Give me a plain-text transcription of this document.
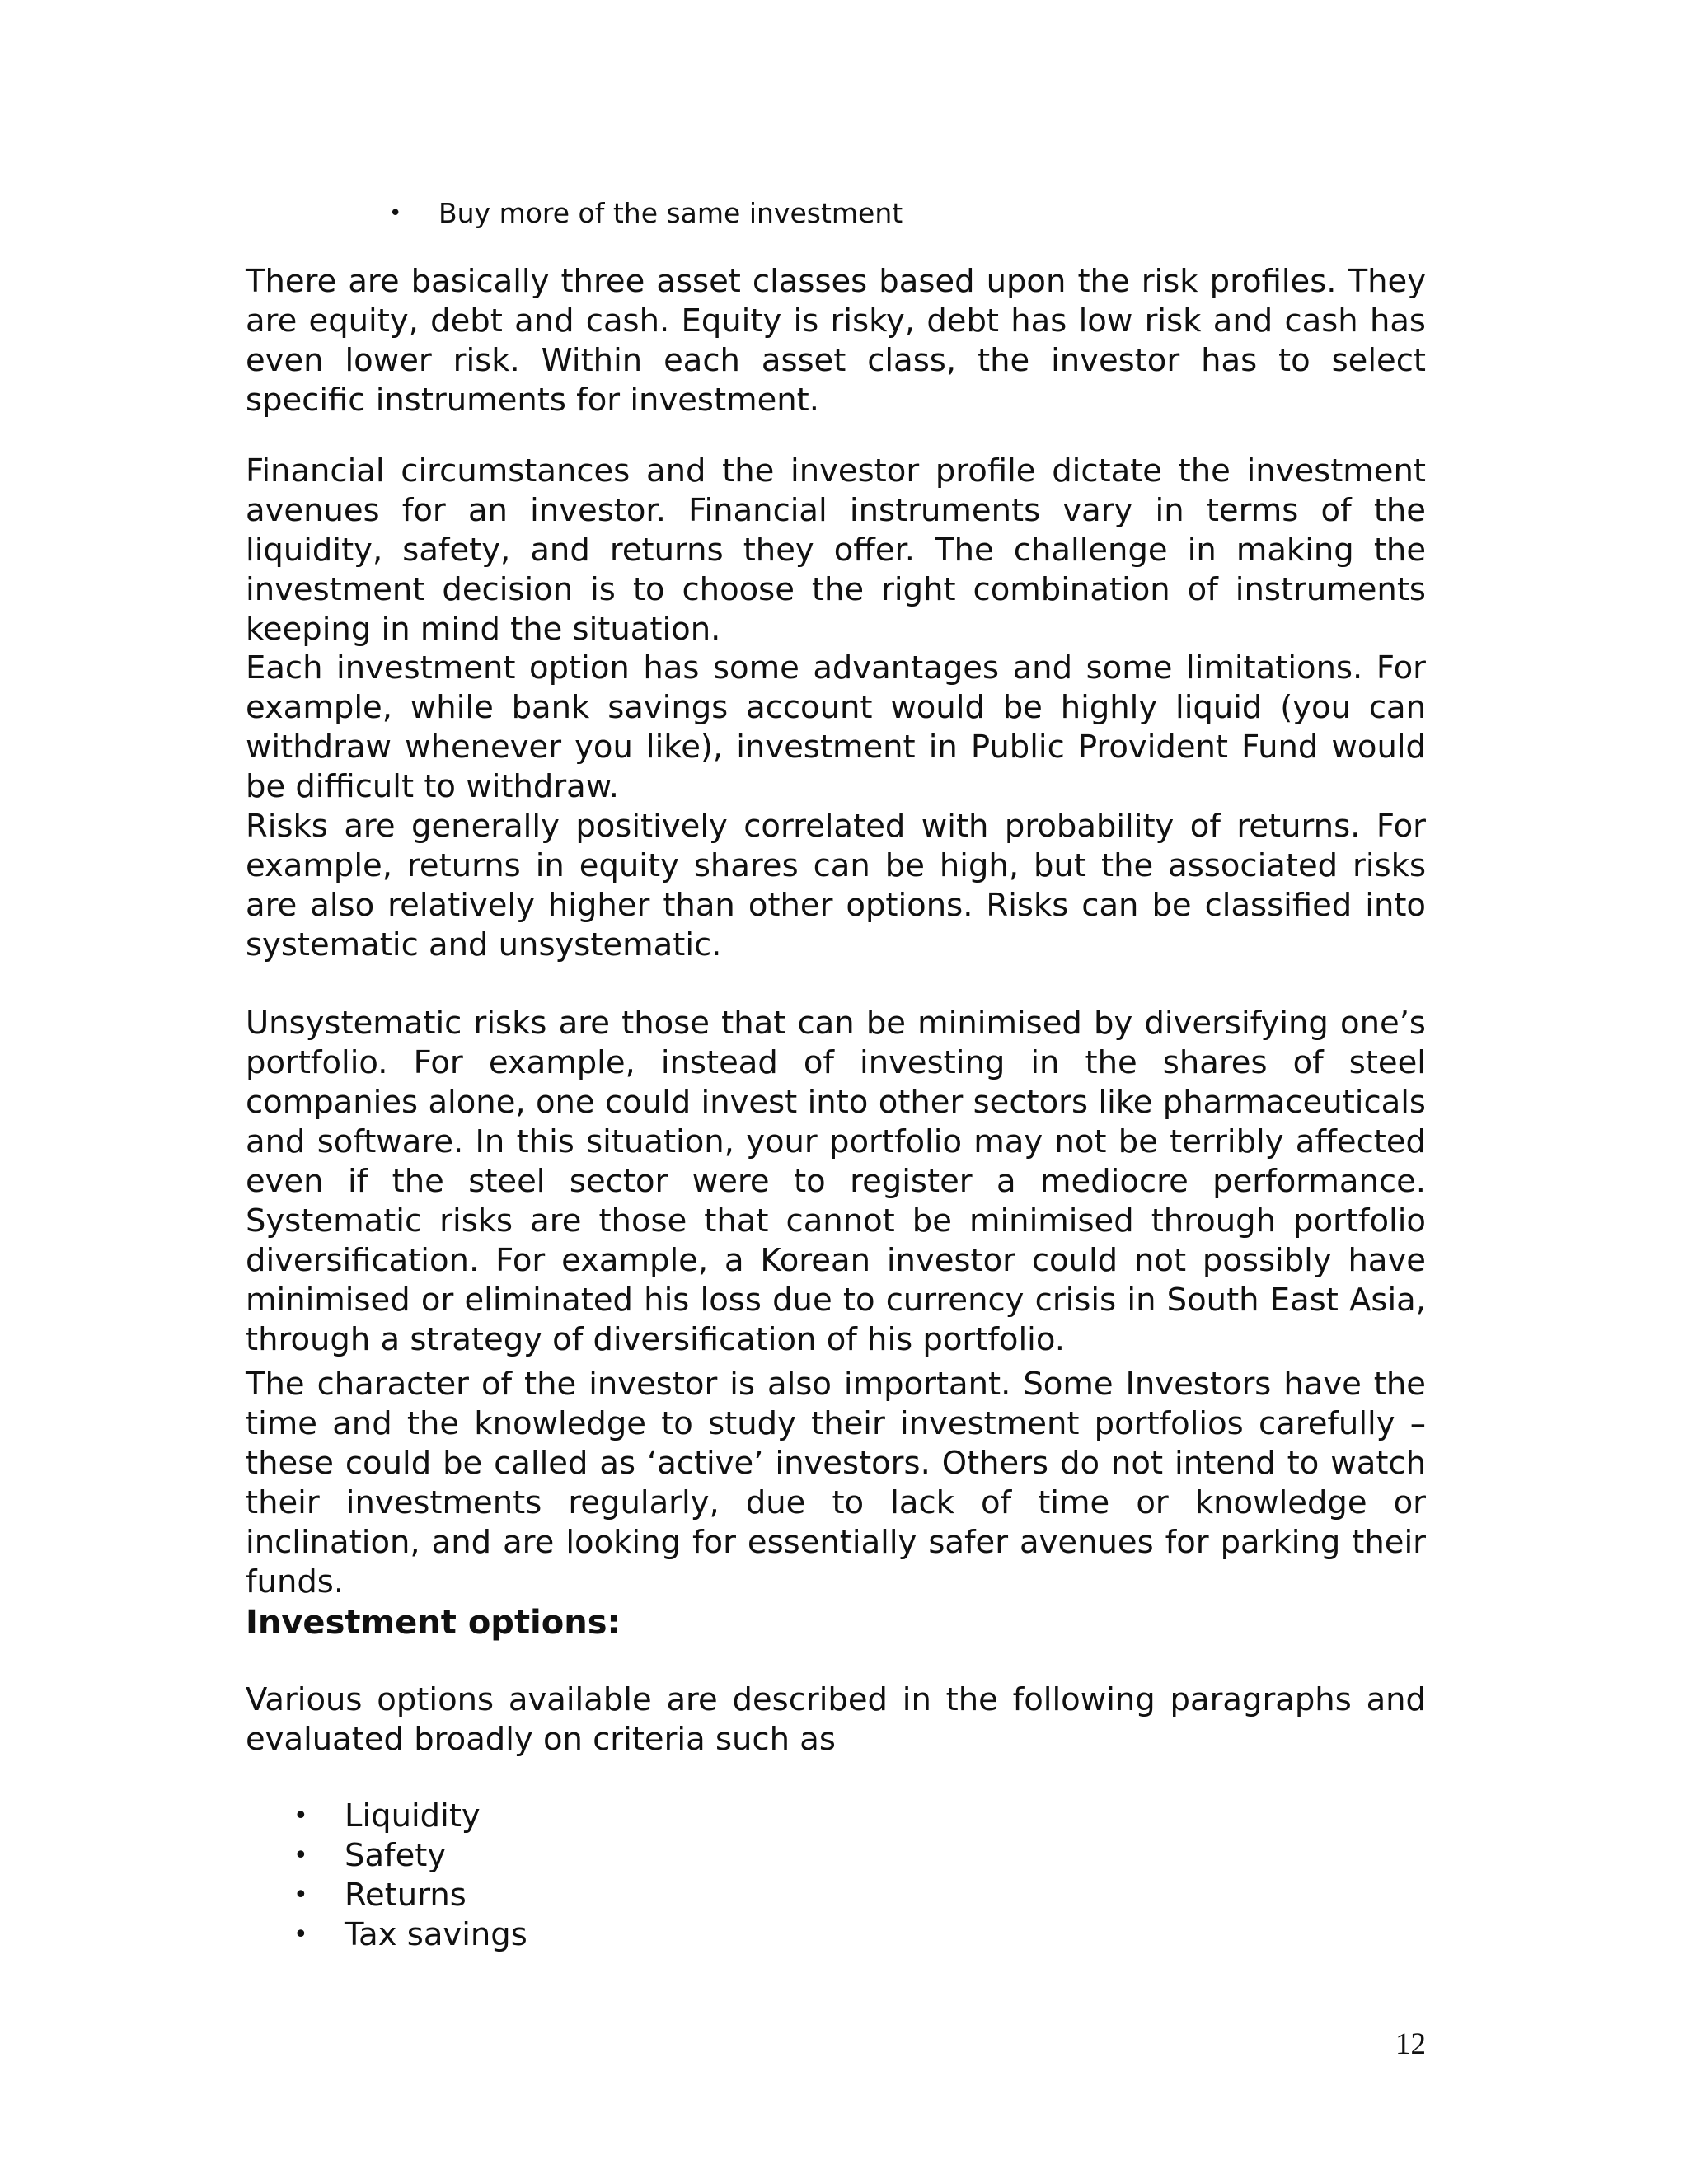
• Buy more of the same investment

There are basically three asset classes based upon the risk profiles. They are equity, debt and cash. Equity is risky, debt has low risk and cash has even lower risk. Within each asset class, the investor has to select specific instruments for investment.

Financial circumstances and the investor profile dictate the investment avenues for an investor. Financial instruments vary in terms of the liquidity, safety, and returns they offer. The challenge in making the investment decision is to choose the right combination of instruments keeping in mind the situation.

Each investment option has some advantages and some limitations. For example, while bank savings account would be highly liquid (you can withdraw whenever you like), investment in Public Provident Fund would be difficult to withdraw.

Risks are generally positively correlated with probability of returns. For example, returns in equity shares can be high, but the associated risks are also relatively higher than other options. Risks can be classified into systematic and unsystematic.

Unsystematic risks are those that can be minimised by diversifying one’s portfolio. For example, instead of investing in the shares of steel companies alone, one could invest into other sectors like pharmaceuticals and software. In this situation, your portfolio may not be terribly affected even if the steel sector were to register a mediocre performance. Systematic risks are those that cannot be minimised through portfolio diversification. For example, a Korean investor could not possibly have minimised or eliminated his loss due to currency crisis in South East Asia, through a strategy of diversification of his portfolio.

The character of the investor is also important. Some Investors have the time and the knowledge to study their investment portfolios carefully – these could be called as ‘active’ investors. Others do not intend to watch their investments regularly, due to lack of time or knowledge or inclination, and are looking for essentially safer avenues for parking their funds.

Investment options:

Various options available are described in the following paragraphs and evaluated broadly on criteria such as

• Liquidity
• Safety
• Returns
• Tax savings
12
